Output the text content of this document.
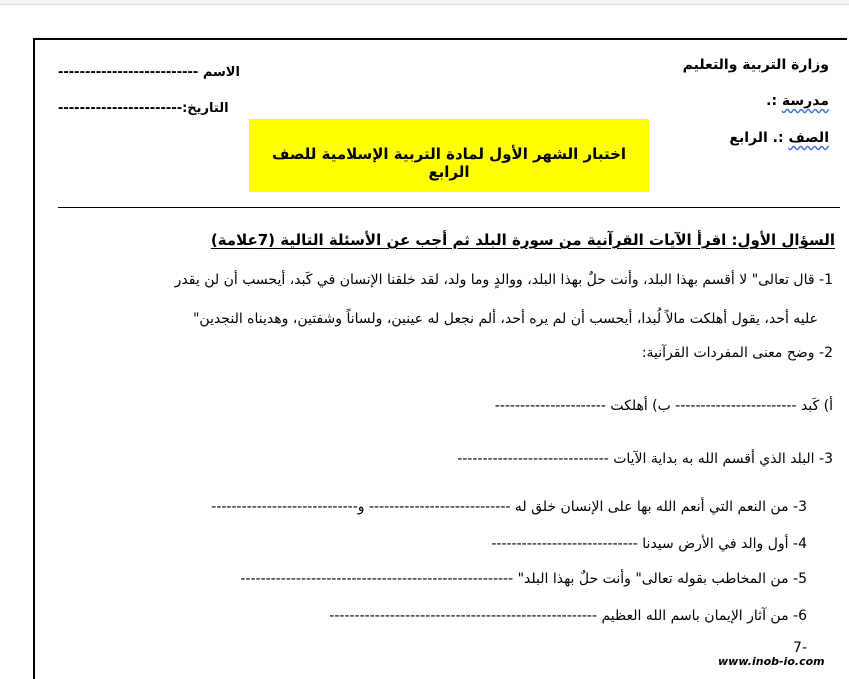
وزارة التربية والتعليم
مدرسة :.
الصف :. الرابع
الاسم --------------------------
التاريخ:-----------------------
اختبار الشهر الأول لمادة التربية الإسلامية للصف الرابع
السؤال الأول: اقرأ الآيات القرآنية من سورة البلد ثم أجب عن الأسئلة التالية (7علامة)
1- قال تعالى" لا أقسم بهذا البلد، وأنت حلٌ بهذا البلد، ووالدٍ وما ولد، لقد خلقنا الإنسان في كَبد، أيحسب أن لن يقدر
عليه أحد، يقول أهلكت مالاً لُبدا، أيحسب أن لم يره أحد، ألم نجعل له عينين، ولساناً وشفتين، وهديناه النجدين"
2- وضح معنى المفردات القرآنية:
أ) كَبد ------------------------ ب) أهلكت ----------------------
3- البلد الذي أقسم الله به بداية الآيات ------------------------------
3- من النعم التي أنعم الله بها على الإنسان خلق له ---------------------------- و-----------------------------
4- أول والد في الأرض سيدنا -----------------------------
5- من المخاطب بقوله تعالى" وأنت حلٌ بهذا البلد" ------------------------------------------------------
6- من آثار الإيمان باسم الله العظيم -----------------------------------------------------
7-
www.inob-io.com
